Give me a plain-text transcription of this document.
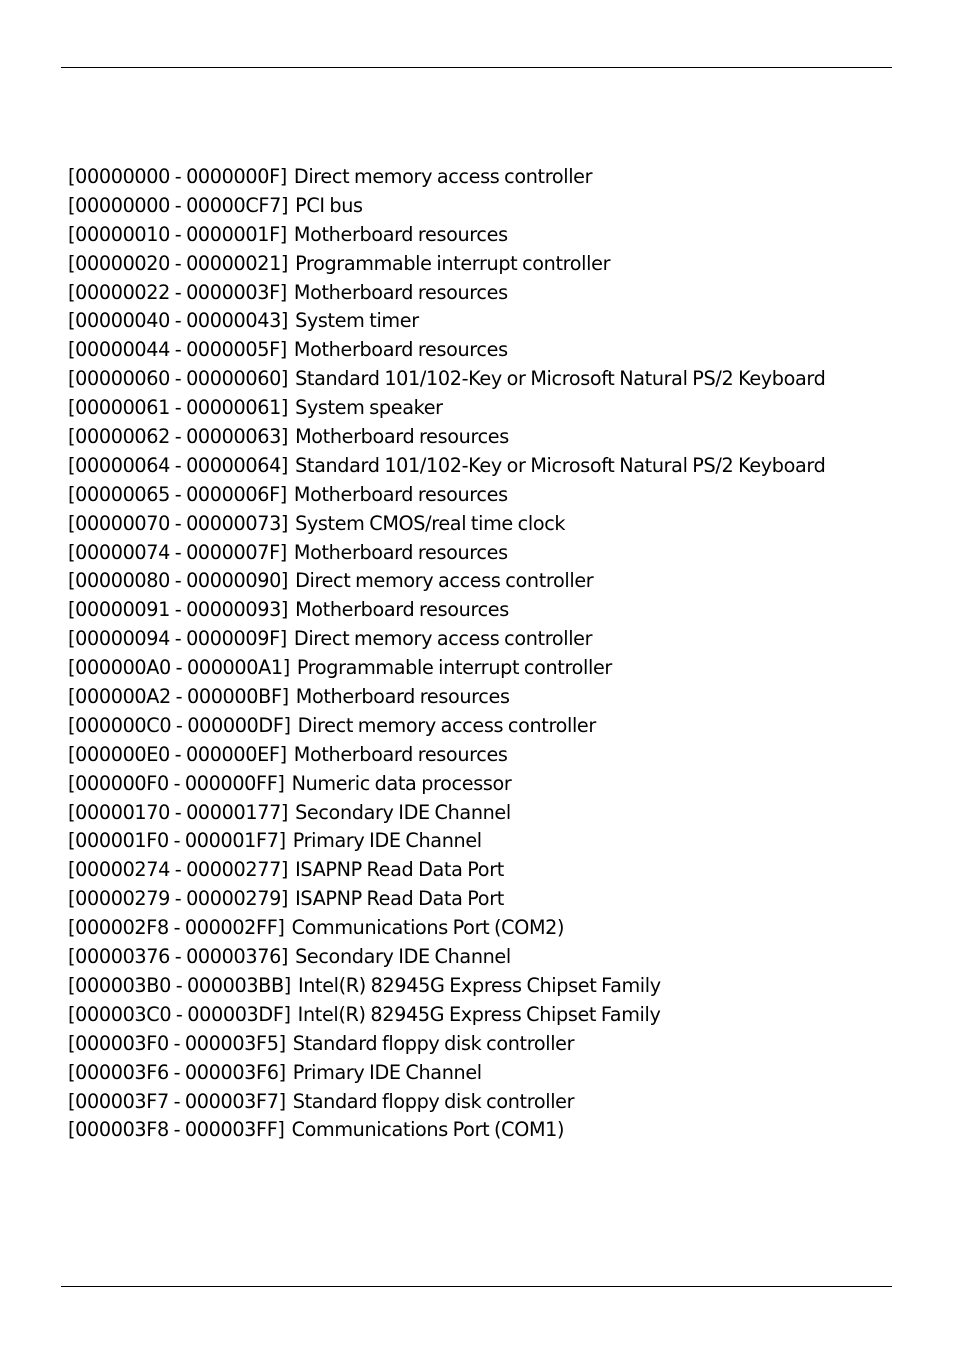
[00000000 - 0000000F] Direct memory access controller
[00000000 - 00000CF7] PCI bus
[00000010 - 0000001F] Motherboard resources
[00000020 - 00000021] Programmable interrupt controller
[00000022 - 0000003F] Motherboard resources
[00000040 - 00000043] System timer
[00000044 - 0000005F] Motherboard resources
[00000060 - 00000060] Standard 101/102-Key or Microsoft Natural PS/2 Keyboard
[00000061 - 00000061] System speaker
[00000062 - 00000063] Motherboard resources
[00000064 - 00000064] Standard 101/102-Key or Microsoft Natural PS/2 Keyboard
[00000065 - 0000006F] Motherboard resources
[00000070 - 00000073] System CMOS/real time clock
[00000074 - 0000007F] Motherboard resources
[00000080 - 00000090] Direct memory access controller
[00000091 - 00000093] Motherboard resources
[00000094 - 0000009F] Direct memory access controller
[000000A0 - 000000A1] Programmable interrupt controller
[000000A2 - 000000BF] Motherboard resources
[000000C0 - 000000DF] Direct memory access controller
[000000E0 - 000000EF] Motherboard resources
[000000F0 - 000000FF] Numeric data processor
[00000170 - 00000177] Secondary IDE Channel
[000001F0 - 000001F7] Primary IDE Channel
[00000274 - 00000277] ISAPNP Read Data Port
[00000279 - 00000279] ISAPNP Read Data Port
[000002F8 - 000002FF] Communications Port (COM2)
[00000376 - 00000376] Secondary IDE Channel
[000003B0 - 000003BB] Intel(R) 82945G Express Chipset Family
[000003C0 - 000003DF] Intel(R) 82945G Express Chipset Family
[000003F0 - 000003F5] Standard floppy disk controller
[000003F6 - 000003F6] Primary IDE Channel
[000003F7 - 000003F7] Standard floppy disk controller
[000003F8 - 000003FF] Communications Port (COM1)
